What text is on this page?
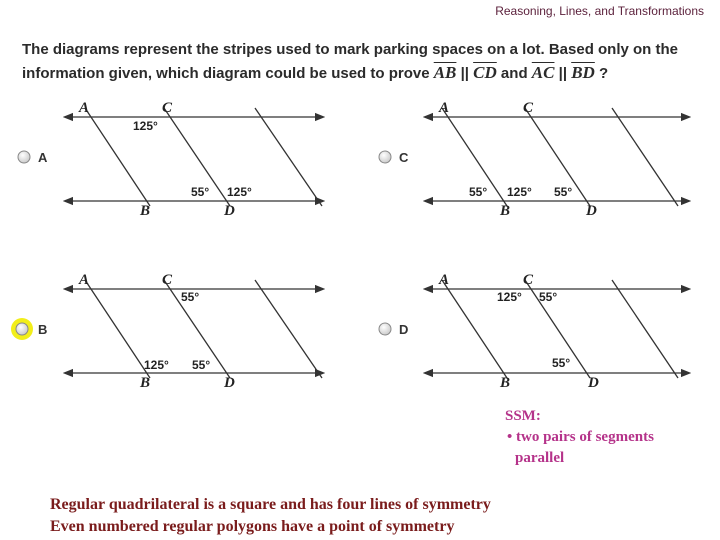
Reasoning, Lines, and Transformations
The diagrams represent the stripes used to mark parking spaces on a lot. Based only on the
information given, which diagram could be used to prove $\overline{AB}$ || $\overline{CD}$ and $\overline{AC}$ || $\overline{BD}$ ?
A
A	C
B	D
125°
55° 125°
C
A	C
B	D
55° 125° 55°
B
A	C
B	D
55°
125° 55°
D
A	C
B	D
125° 55°
55°
SSM:
• two pairs of segments
parallel
Regular quadrilateral is a square and has four lines of symmetry
Even numbered regular polygons have a point of symmetry
